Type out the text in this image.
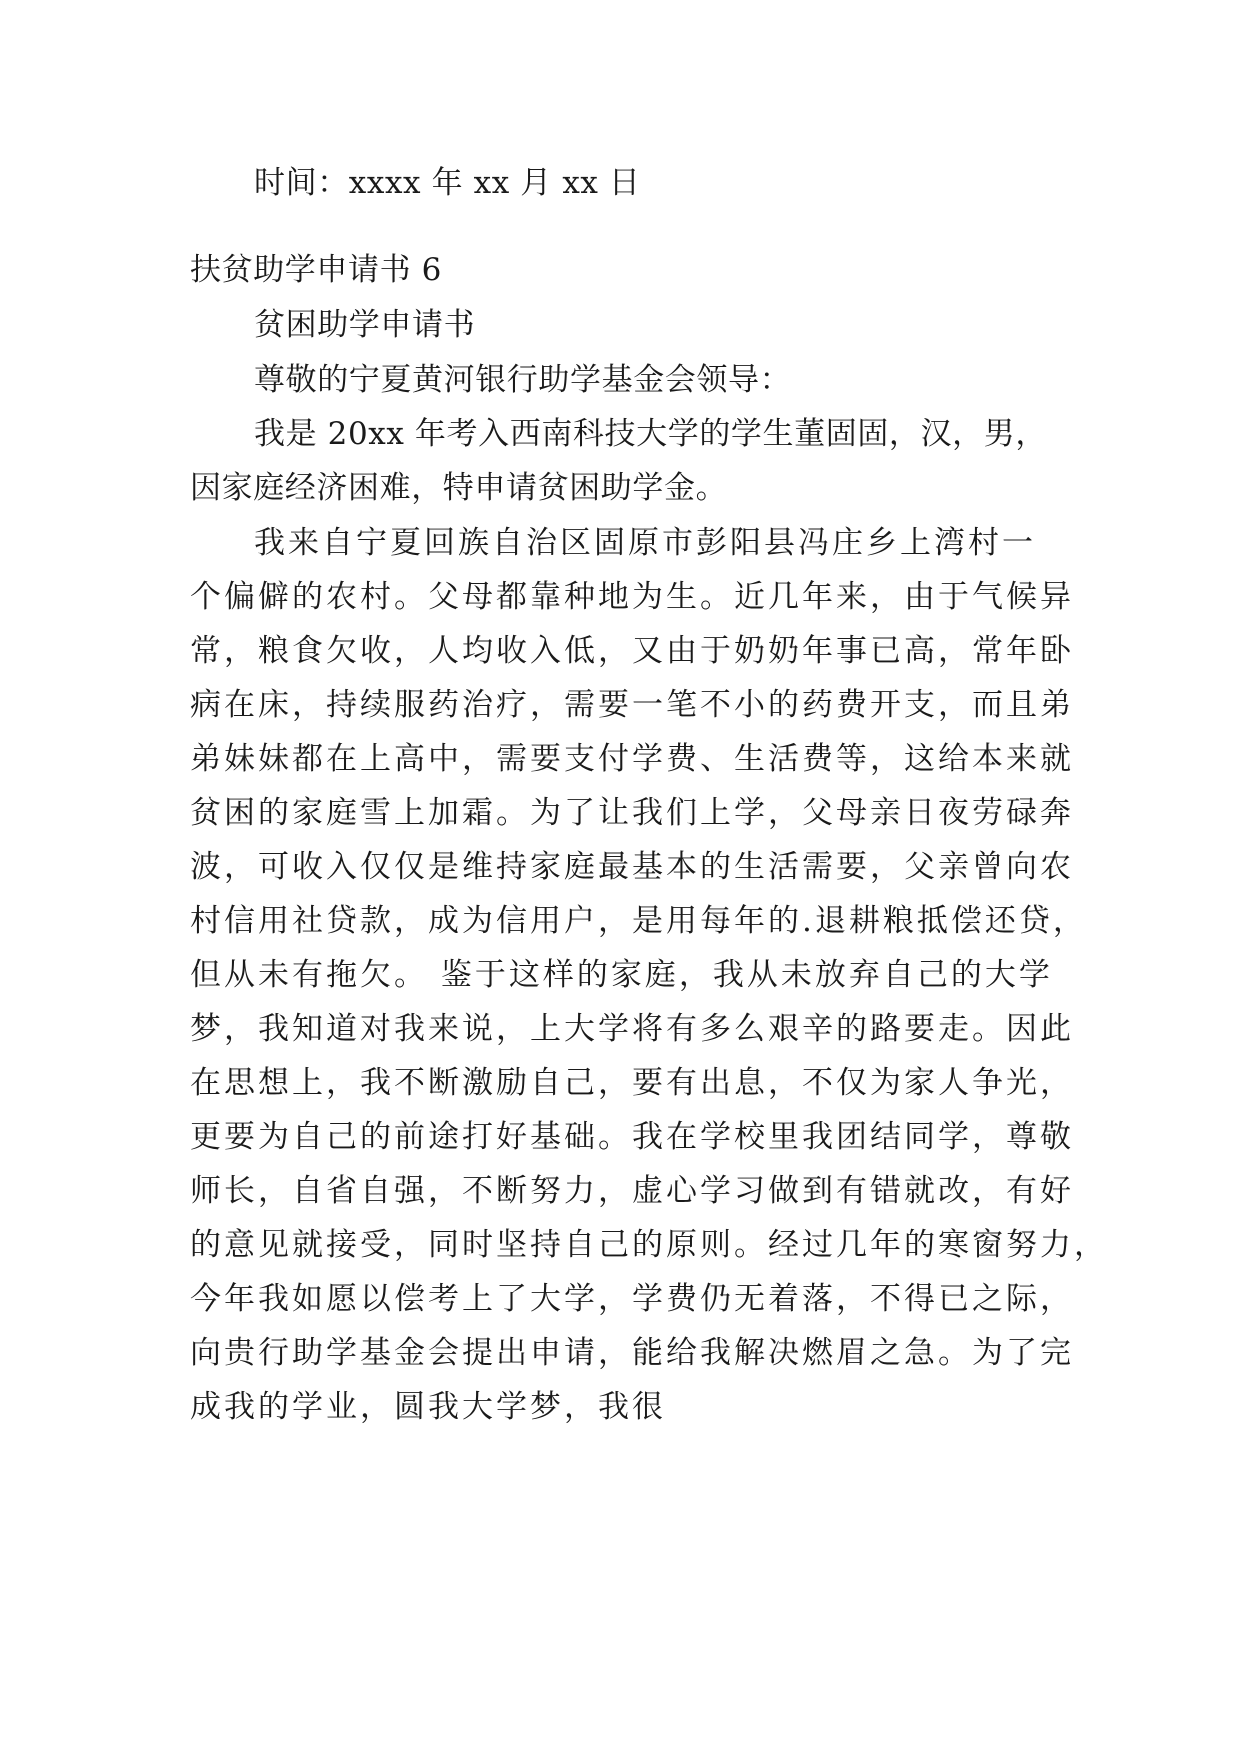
时间：xxxx 年 xx 月 xx 日
扶贫助学申请书 6
贫困助学申请书
尊敬的宁夏黄河银行助学基金会领导：
我是 20xx 年考入西南科技大学的学生董固固，汉，男，
因家庭经济困难，特申请贫困助学金。
我来自宁夏回族自治区固原市彭阳县冯庄乡上湾村一
个偏僻的农村。父母都靠种地为生。近几年来，由于气候异
常，粮食欠收，人均收入低，又由于奶奶年事已高，常年卧
病在床，持续服药治疗，需要一笔不小的药费开支，而且弟
弟妹妹都在上高中，需要支付学费、生活费等，这给本来就
贫困的家庭雪上加霜。为了让我们上学，父母亲日夜劳碌奔
波，可收入仅仅是维持家庭最基本的生活需要，父亲曾向农
村信用社贷款，成为信用户，是用每年的.退耕粮抵偿还贷，
但从未有拖欠。 鉴于这样的家庭，我从未放弃自己的大学
梦，我知道对我来说，上大学将有多么艰辛的路要走。因此
在思想上，我不断激励自己，要有出息，不仅为家人争光，
更要为自己的前途打好基础。我在学校里我团结同学，尊敬
师长，自省自强，不断努力，虚心学习做到有错就改，有好
的意见就接受，同时坚持自己的原则。经过几年的寒窗努力，
今年我如愿以偿考上了大学，学费仍无着落，不得已之际，
向贵行助学基金会提出申请，能给我解决燃眉之急。为了完
成我的学业，圆我大学梦，我很
